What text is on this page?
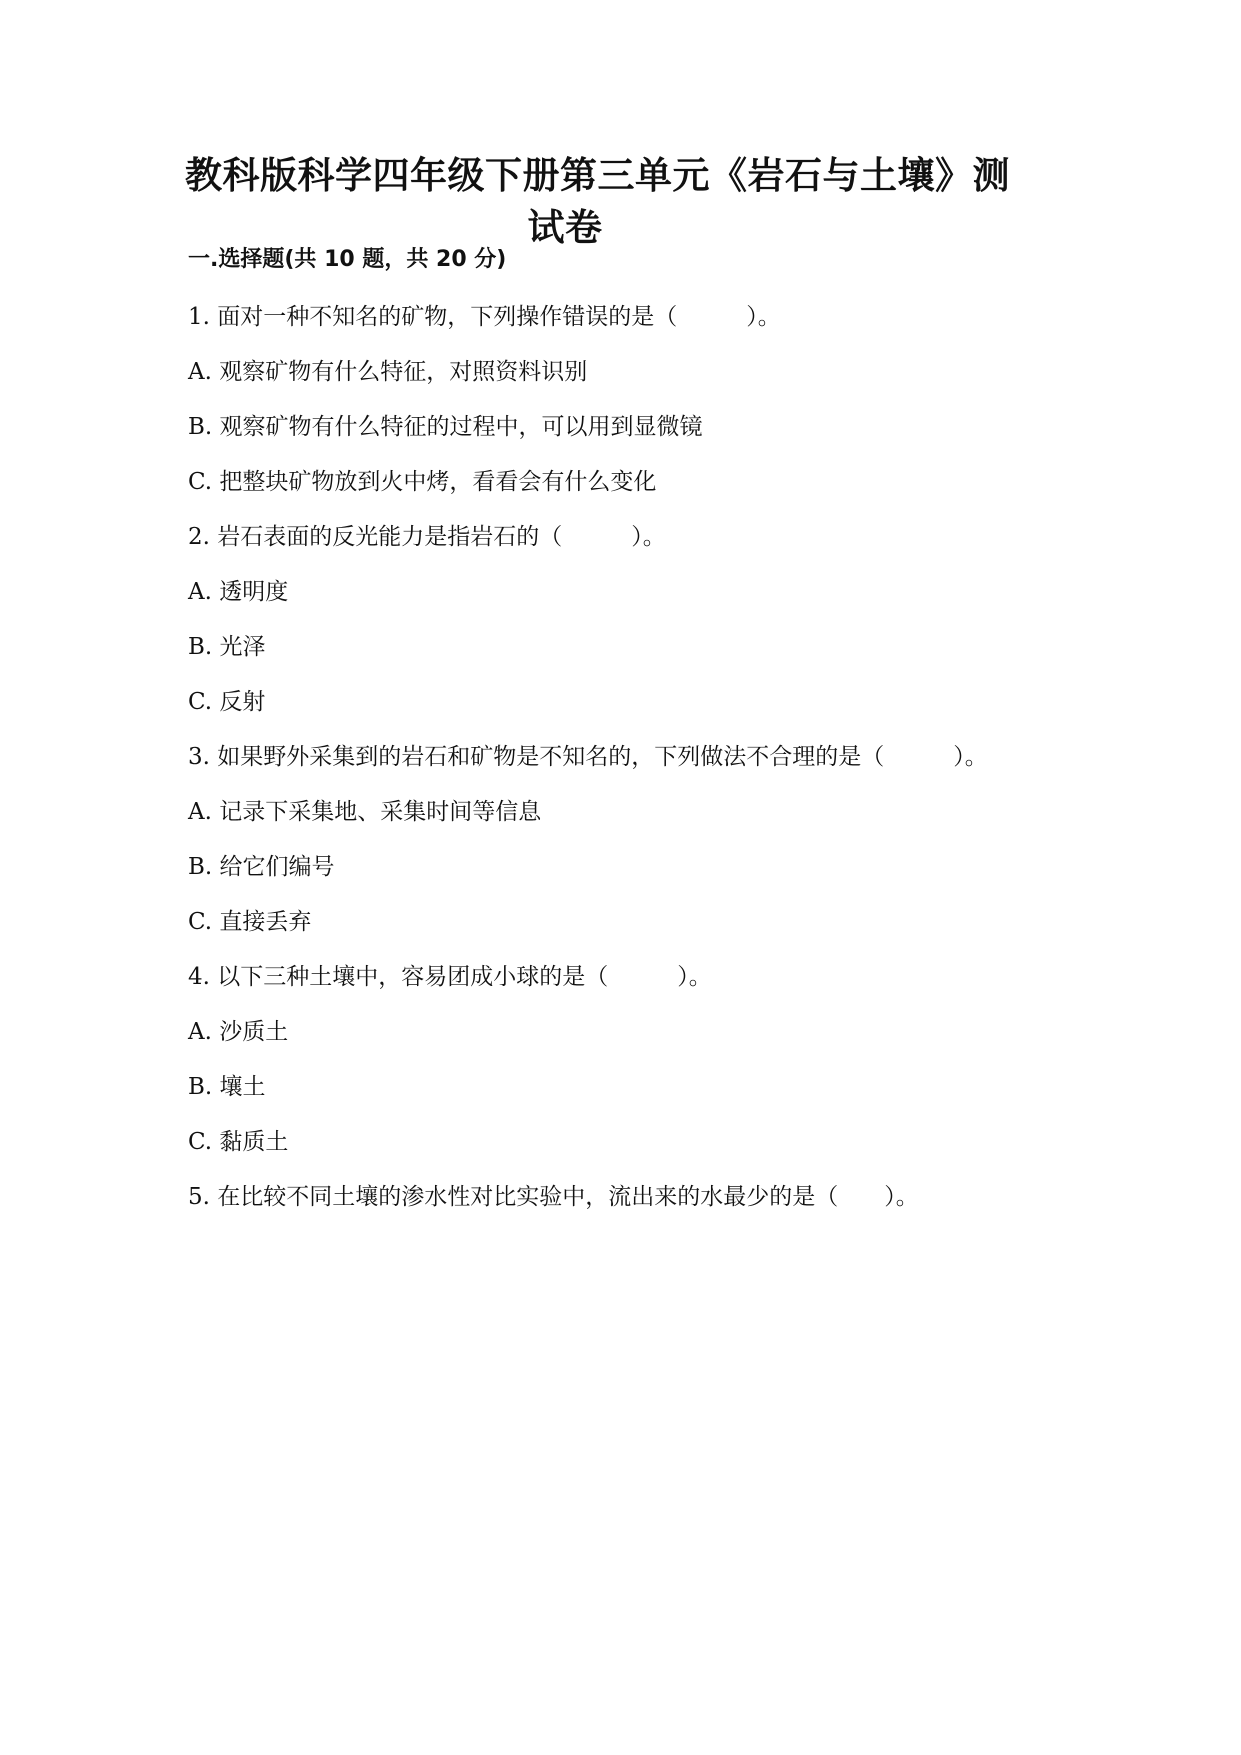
教科版科学四年级下册第三单元《岩石与土壤》测
试卷
一.选择题(共 10 题，共 20 分)

1. 面对一种不知名的矿物，下列操作错误的是（　　　）。

A. 观察矿物有什么特征，对照资料识别

B. 观察矿物有什么特征的过程中，可以用到显微镜

C. 把整块矿物放到火中烤，看看会有什么变化

2. 岩石表面的反光能力是指岩石的（　　　）。

A. 透明度

B. 光泽

C. 反射

3. 如果野外采集到的岩石和矿物是不知名的，下列做法不合理的是（　　　）。

A. 记录下采集地、采集时间等信息

B. 给它们编号

C. 直接丢弃

4. 以下三种土壤中，容易团成小球的是（　　　）。

A. 沙质土

B. 壤土

C. 黏质土

5. 在比较不同土壤的渗水性对比实验中，流出来的水最少的是（　　）。
